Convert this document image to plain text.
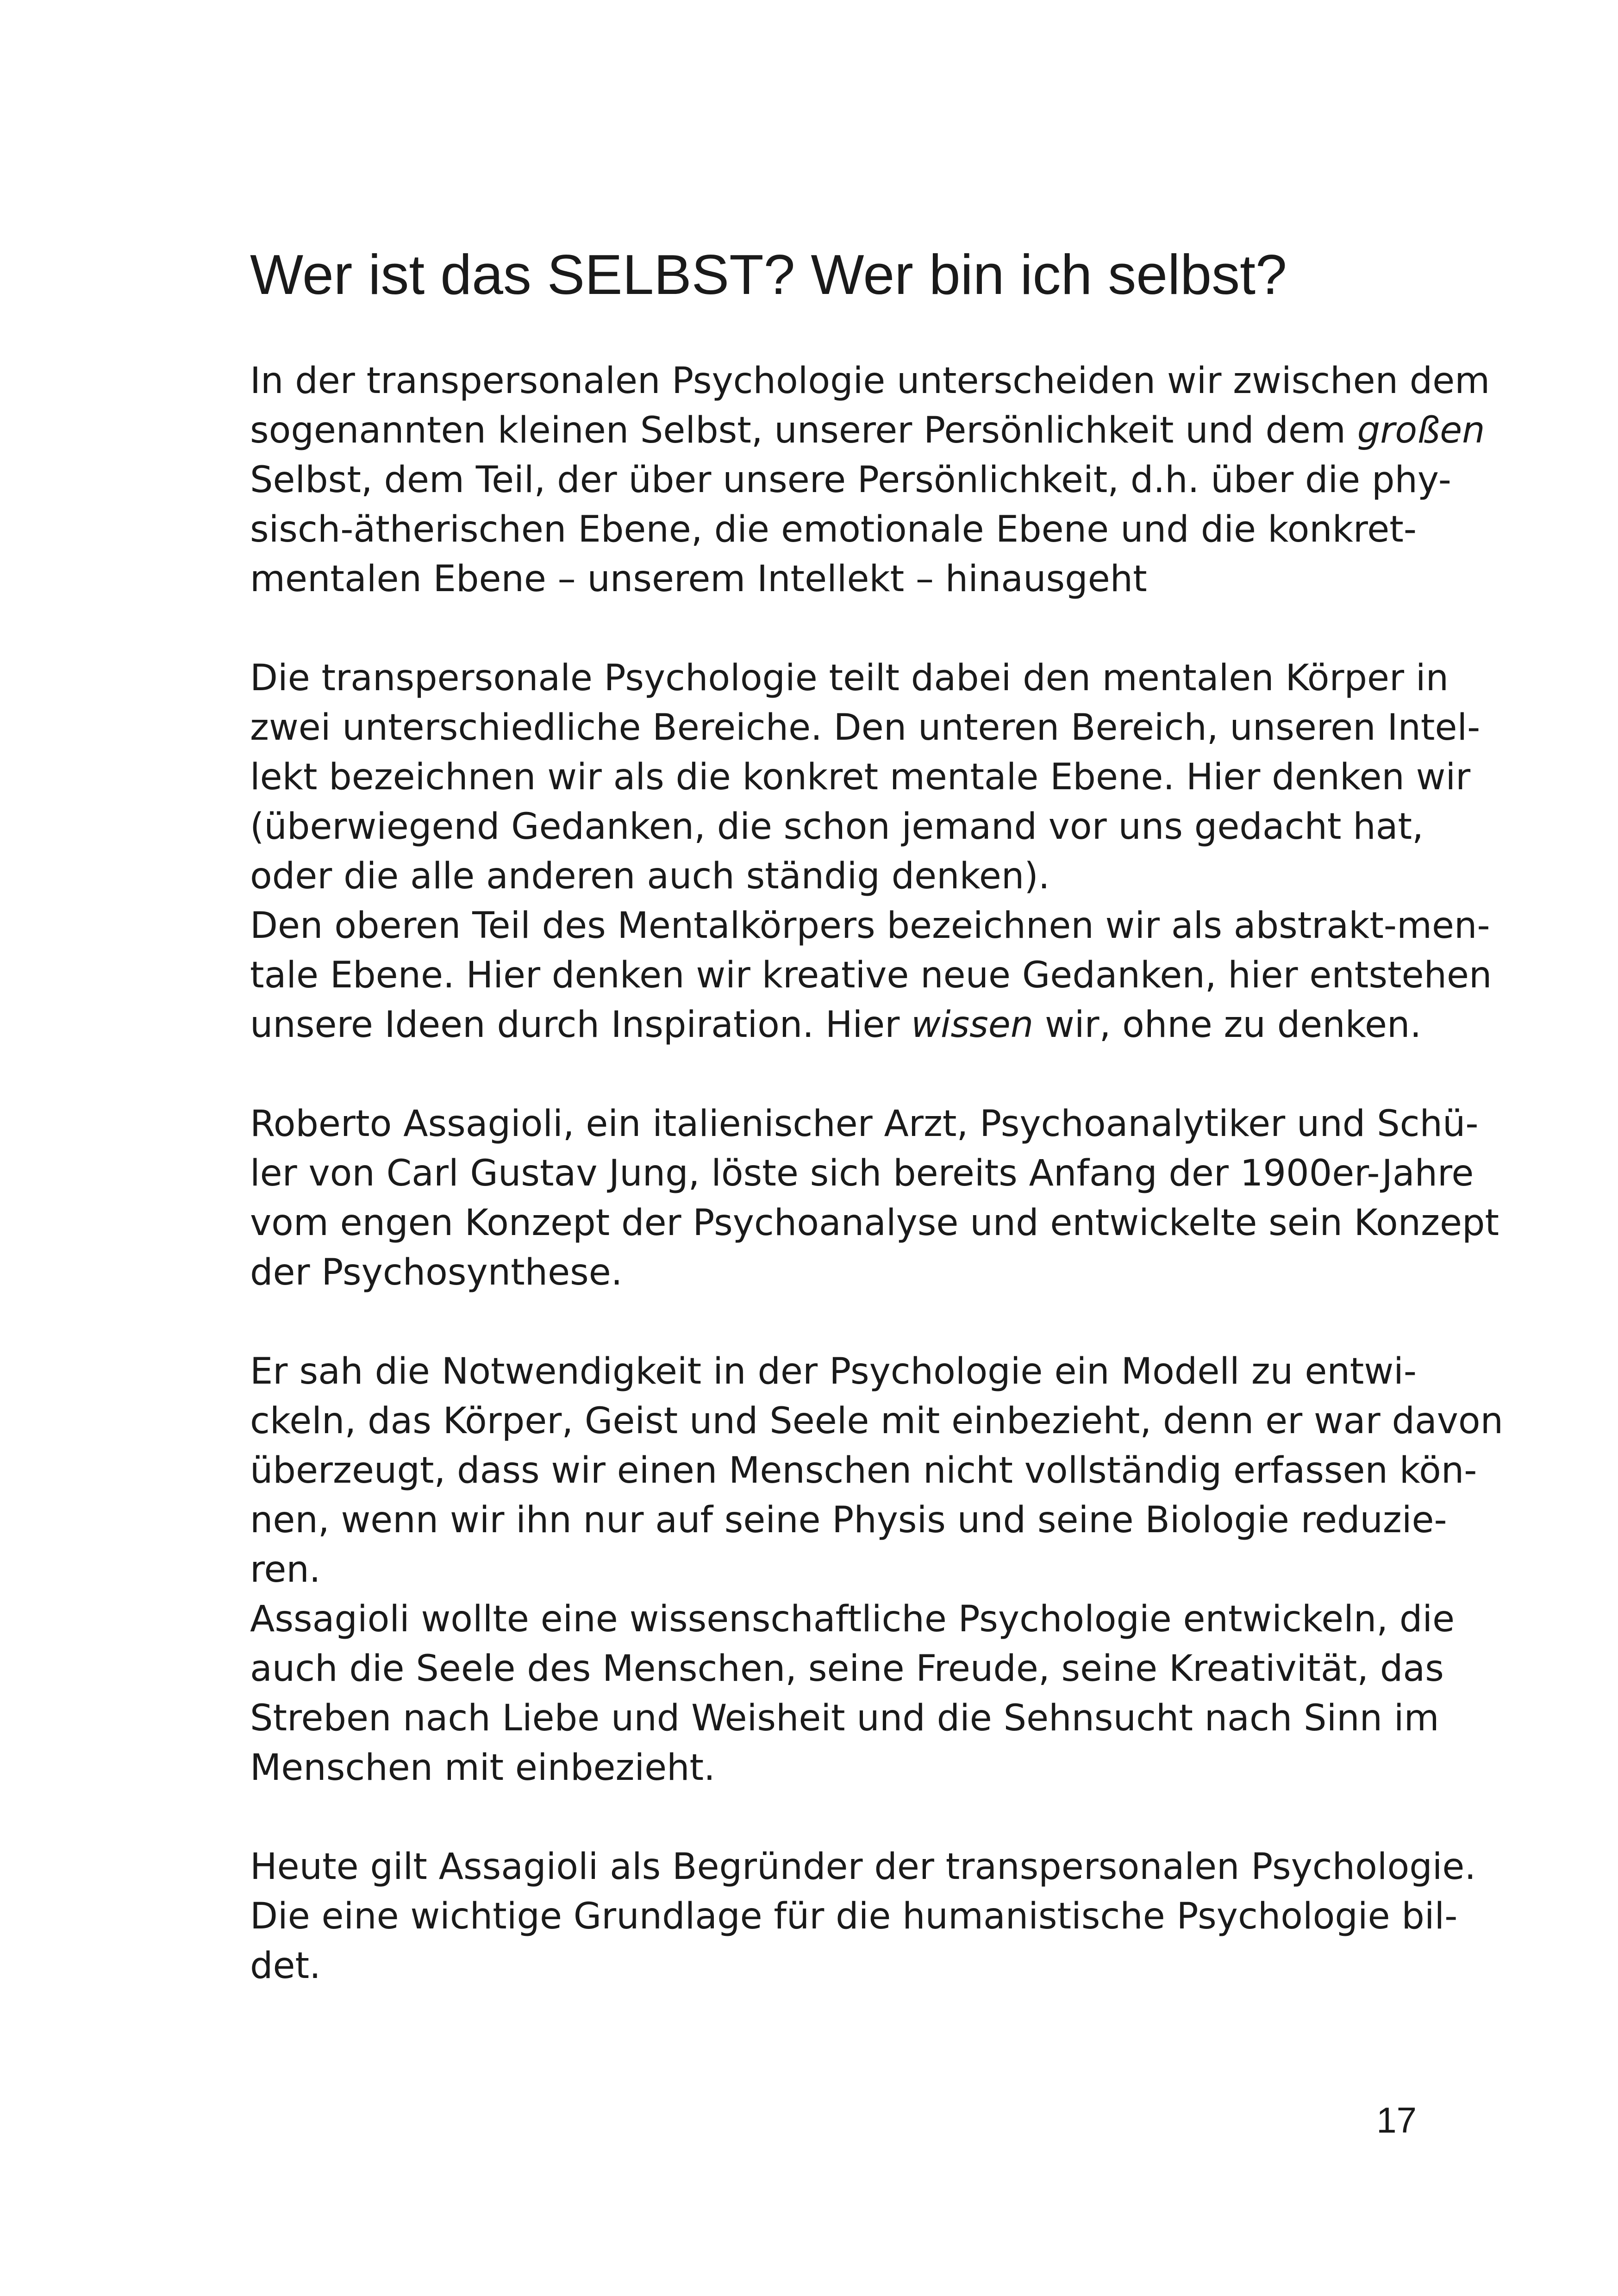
Wer ist das SELBST? Wer bin ich selbst?
In der transpersonalen Psychologie unterscheiden wir zwischen dem
sogenannten kleinen Selbst, unserer Persönlichkeit und dem großen
Selbst, dem Teil, der über unsere Persönlichkeit, d.h. über die phy-
sisch-ätherischen Ebene, die emotionale Ebene und die konkret-
mentalen Ebene – unserem Intellekt – hinausgeht
Die transpersonale Psychologie teilt dabei den mentalen Körper in
zwei unterschiedliche Bereiche. Den unteren Bereich, unseren Intel-
lekt bezeichnen wir als die konkret mentale Ebene. Hier denken wir
(überwiegend Gedanken, die schon jemand vor uns gedacht hat,
oder die alle anderen auch ständig denken).
Den oberen Teil des Mentalkörpers bezeichnen wir als abstrakt-men-
tale Ebene. Hier denken wir kreative neue Gedanken, hier entstehen
unsere Ideen durch Inspiration. Hier wissen wir, ohne zu denken.
Roberto Assagioli, ein italienischer Arzt, Psychoanalytiker und Schü-
ler von Carl Gustav Jung, löste sich bereits Anfang der 1900er-Jahre
vom engen Konzept der Psychoanalyse und entwickelte sein Konzept
der Psychosynthese.
Er sah die Notwendigkeit in der Psychologie ein Modell zu entwi-
ckeln, das Körper, Geist und Seele mit einbezieht, denn er war davon
überzeugt, dass wir einen Menschen nicht vollständig erfassen kön-
nen, wenn wir ihn nur auf seine Physis und seine Biologie reduzie-
ren.
Assagioli wollte eine wissenschaftliche Psychologie entwickeln, die
auch die Seele des Menschen, seine Freude, seine Kreativität, das
Streben nach Liebe und Weisheit und die Sehnsucht nach Sinn im
Menschen mit einbezieht.
Heute gilt Assagioli als Begründer der transpersonalen Psychologie.
Die eine wichtige Grundlage für die humanistische Psychologie bil-
det.
17
